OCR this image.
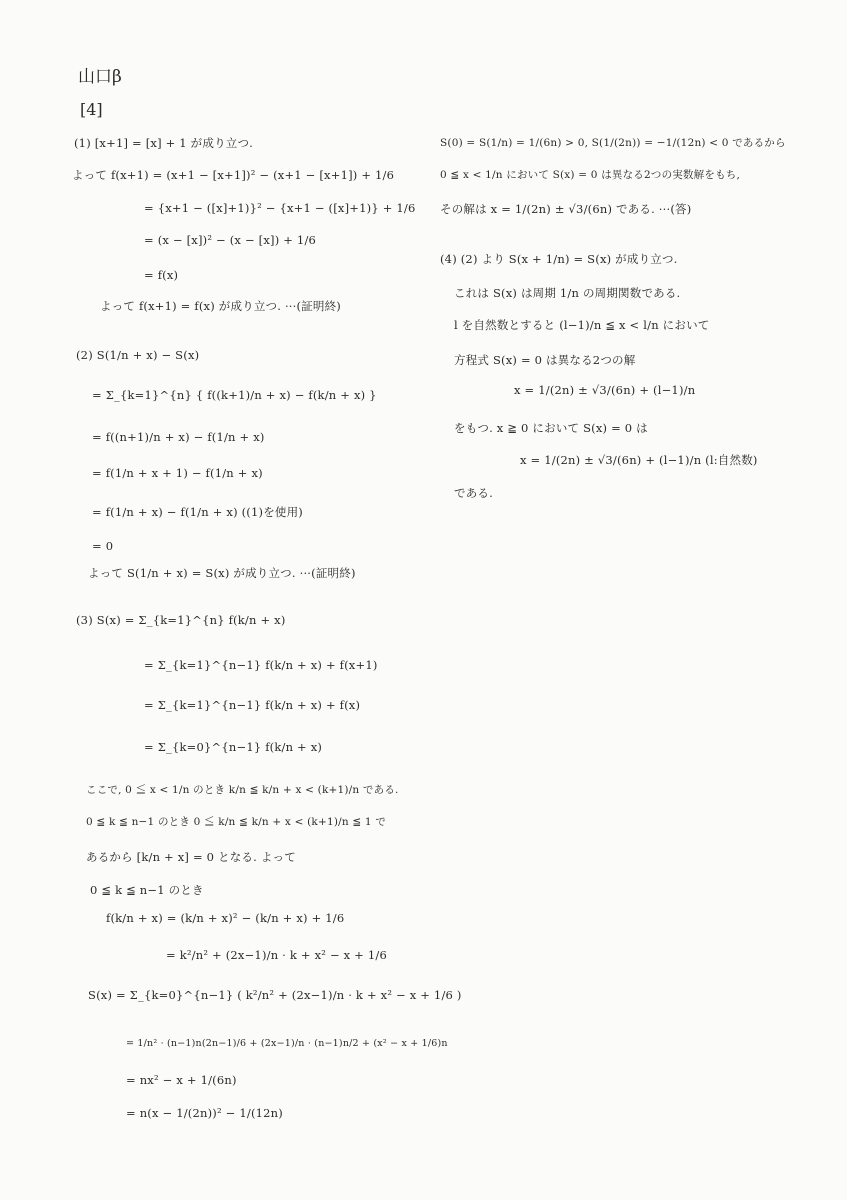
山口β
[4]
(1) [x+1] = [x] + 1 が成り立つ.
よって f(x+1) = (x+1 − [x+1])² − (x+1 − [x+1]) + 1/6
= {x+1 − ([x]+1)}² − {x+1 − ([x]+1)} + 1/6
= (x − [x])² − (x − [x]) + 1/6
= f(x)
よって f(x+1) = f(x) が成り立つ. ···(証明終)
(2) S(1/n + x) − S(x)
= Σ_{k=1}^{n} { f((k+1)/n + x) − f(k/n + x) }
= f((n+1)/n + x) − f(1/n + x)
= f(1/n + x + 1) − f(1/n + x)
= f(1/n + x) − f(1/n + x) ((1)を使用)
= 0
よって S(1/n + x) = S(x) が成り立つ. ···(証明終)
(3) S(x) = Σ_{k=1}^{n} f(k/n + x)
= Σ_{k=1}^{n−1} f(k/n + x) + f(x+1)
= Σ_{k=1}^{n−1} f(k/n + x) + f(x)
= Σ_{k=0}^{n−1} f(k/n + x)
ここで, 0 ≦ x < 1/n のとき k/n ≦ k/n + x < (k+1)/n である.
0 ≦ k ≦ n−1 のとき 0 ≦ k/n ≦ k/n + x < (k+1)/n ≦ 1 で
あるから [k/n + x] = 0 となる. よって
0 ≦ k ≦ n−1 のとき
f(k/n + x) = (k/n + x)² − (k/n + x) + 1/6
= k²/n² + (2x−1)/n · k + x² − x + 1/6
S(x) = Σ_{k=0}^{n−1} ( k²/n² + (2x−1)/n · k + x² − x + 1/6 )
= 1/n² · (n−1)n(2n−1)/6 + (2x−1)/n · (n−1)n/2 + (x² − x + 1/6)n
= nx² − x + 1/(6n)
= n(x − 1/(2n))² − 1/(12n)
S(0) = S(1/n) = 1/(6n) > 0, S(1/(2n)) = −1/(12n) < 0 であるから
0 ≦ x < 1/n において S(x) = 0 は異なる2つの実数解をもち,
その解は x = 1/(2n) ± √3/(6n) である. ···(答)
(4) (2) より S(x + 1/n) = S(x) が成り立つ.
これは S(x) は周期 1/n の周期関数である.
l を自然数とすると (l−1)/n ≦ x < l/n において
方程式 S(x) = 0 は異なる2つの解
x = 1/(2n) ± √3/(6n) + (l−1)/n
をもつ. x ≧ 0 において S(x) = 0 は
x = 1/(2n) ± √3/(6n) + (l−1)/n (l:自然数)
である.
